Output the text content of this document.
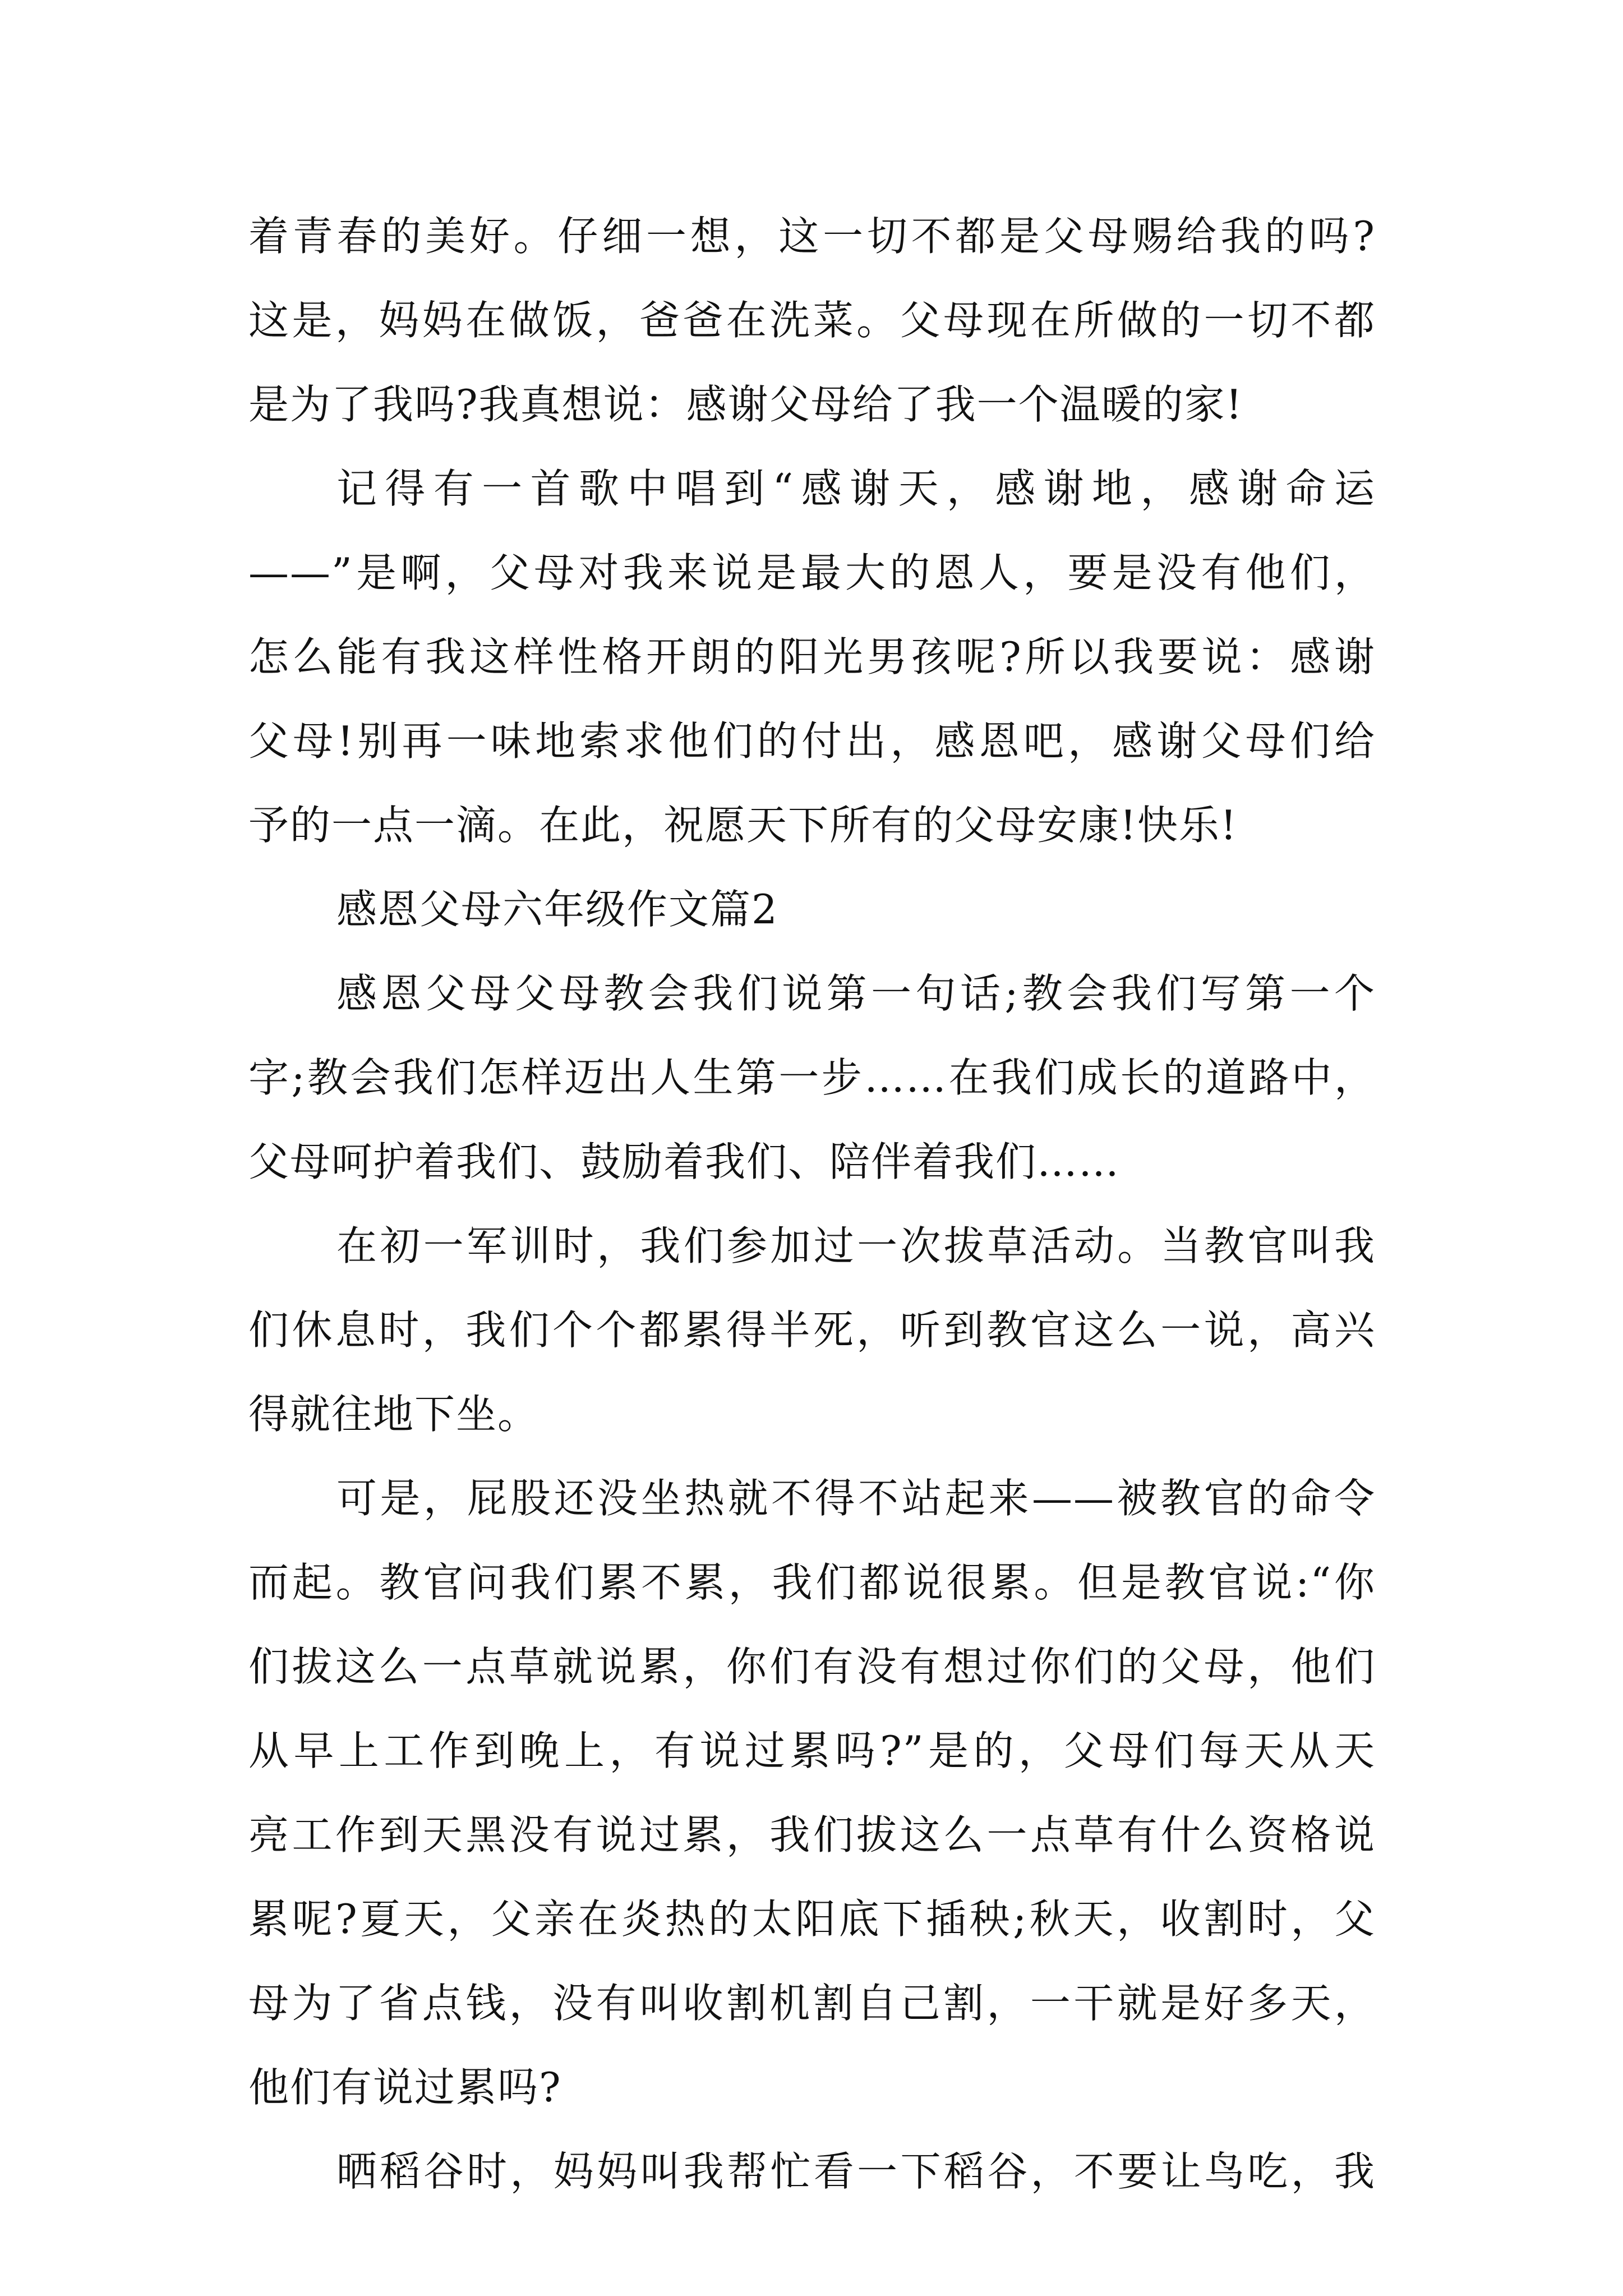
着青春的美好。仔细一想，这一切不都是父母赐给我的吗?

这是，妈妈在做饭，爸爸在洗菜。父母现在所做的一切不都

是为了我吗?我真想说：感谢父母给了我一个温暖的家!

记得有一首歌中唱到“感谢天，感谢地，感谢命运

——”是啊，父母对我来说是最大的恩人，要是没有他们，

怎么能有我这样性格开朗的阳光男孩呢?所以我要说：感谢

父母!别再一味地索求他们的付出，感恩吧，感谢父母们给

予的一点一滴。在此，祝愿天下所有的父母安康!快乐!

感恩父母六年级作文篇2

感恩父母父母教会我们说第一句话;教会我们写第一个

字;教会我们怎样迈出人生第一步……在我们成长的道路中，

父母呵护着我们、鼓励着我们、陪伴着我们……

在初一军训时，我们参加过一次拔草活动。当教官叫我

们休息时，我们个个都累得半死，听到教官这么一说，高兴

得就往地下坐。

可是，屁股还没坐热就不得不站起来——被教官的命令

而起。教官问我们累不累，我们都说很累。但是教官说:“你

们拔这么一点草就说累，你们有没有想过你们的父母，他们

从早上工作到晚上，有说过累吗?”是的，父母们每天从天

亮工作到天黑没有说过累，我们拔这么一点草有什么资格说

累呢?夏天，父亲在炎热的太阳底下插秧;秋天，收割时，父

母为了省点钱，没有叫收割机割自己割，一干就是好多天，

他们有说过累吗?

晒稻谷时，妈妈叫我帮忙看一下稻谷，不要让鸟吃，我
